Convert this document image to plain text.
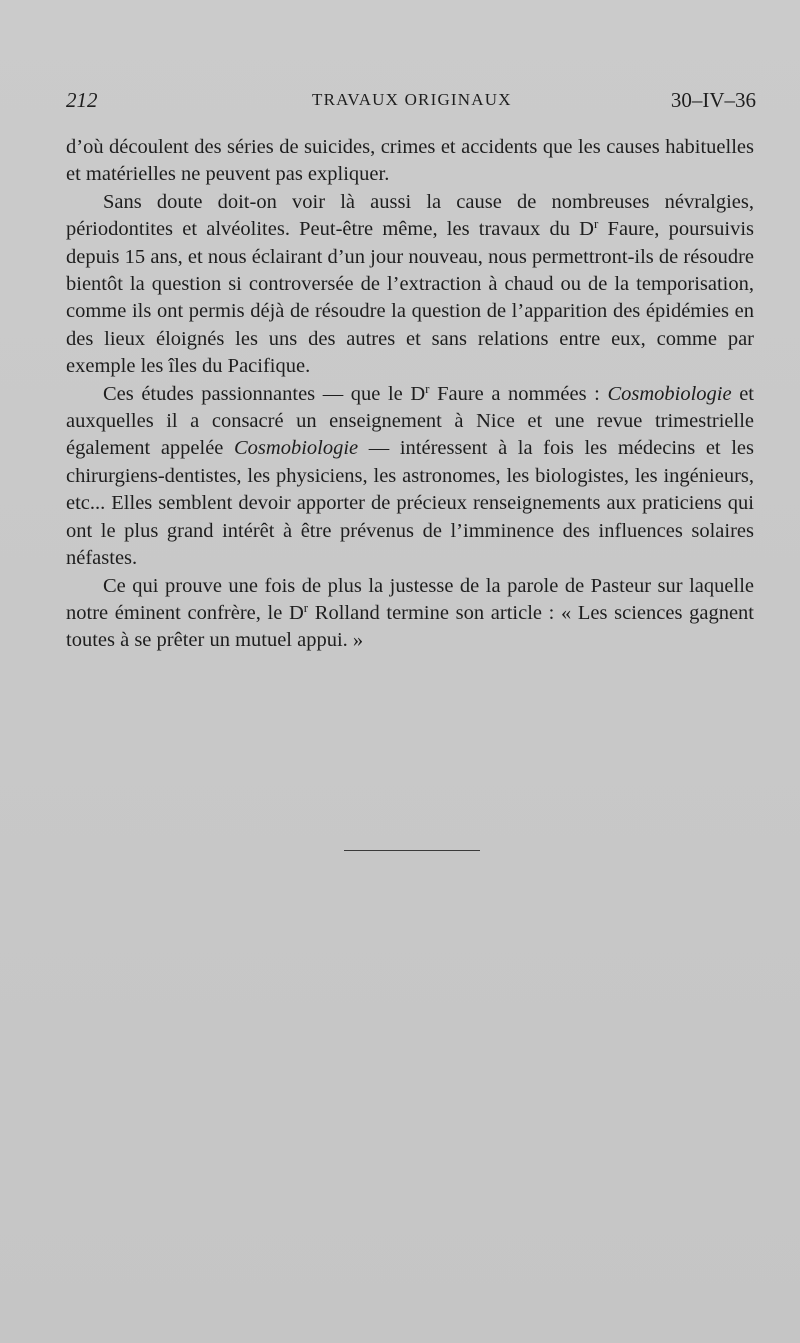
212	TRAVAUX ORIGINAUX	30–IV–36

d’où découlent des séries de suicides, crimes et accidents que les causes habituelles et matérielles ne peuvent pas expliquer.

Sans doute doit-on voir là aussi la cause de nombreuses névralgies, périodontites et alvéolites. Peut-être même, les travaux du $D^r$ Faure, poursuivis depuis 15 ans, et nous éclairant d’un jour nouveau, nous permettront-ils de résoudre bientôt la question si controversée de l’extraction à chaud ou de la temporisation, comme ils ont permis déjà de résoudre la question de l’apparition des épidémies en des lieux éloignés les uns des autres et sans relations entre eux, comme par exemple les îles du Pacifique.

Ces études passionnantes — que le $D^r$ Faure a nommées : Cosmobiologie et auxquelles il a consacré un enseignement à Nice et une revue trimestrielle également appelée Cosmobiologie — intéressent à la fois les médecins et les chirurgiens-dentistes, les physiciens, les astronomes, les biologistes, les ingénieurs, etc... Elles semblent devoir apporter de précieux renseignements aux praticiens qui ont le plus grand intérêt à être prévenus de l’imminence des influences solaires néfastes.

Ce qui prouve une fois de plus la justesse de la parole de Pasteur sur laquelle notre éminent confrère, le $D^r$ Rolland termine son article : « Les sciences gagnent toutes à se prêter un mutuel appui. »
